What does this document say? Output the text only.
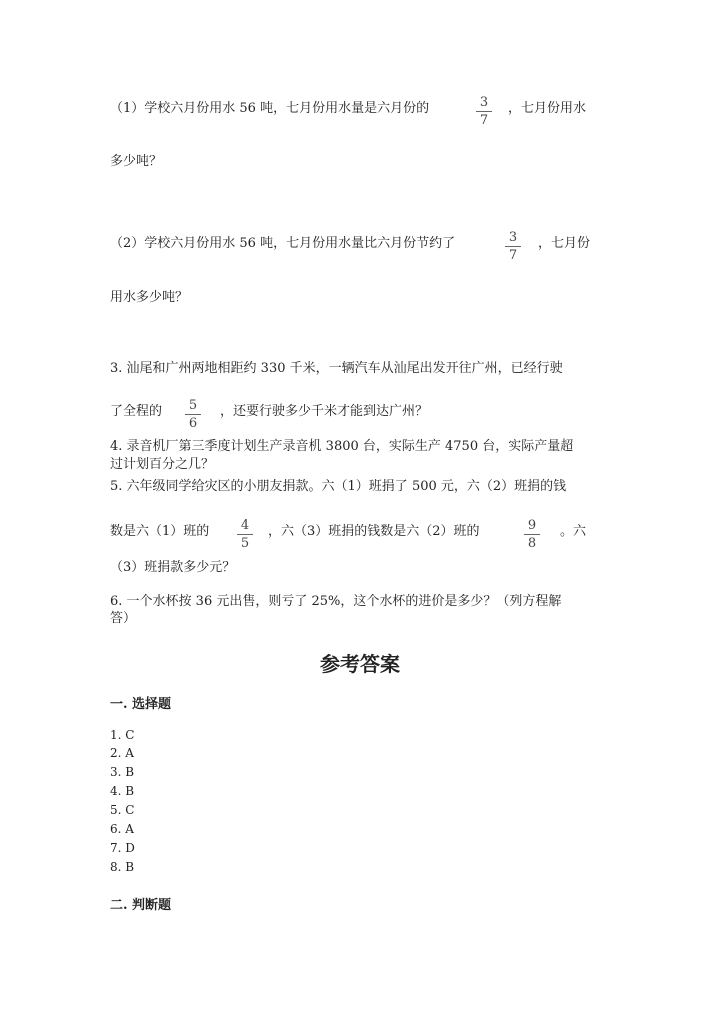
（1）学校六月份用水 56 吨，七月份用水量是六月份的	3
7
，七月份用水
多少吨？
（2）学校六月份用水 56 吨，七月份用水量比六月份节约了	3
7
，七月份
用水多少吨？
3. 汕尾和广州两地相距约 330 千米，一辆汽车从汕尾出发开往广州，已经行驶
了全程的 5
6
，还要行驶多少千米才能到达广州？
4. 录音机厂第三季度计划生产录音机 3800 台，实际生产 4750 台，实际产量超
过计划百分之几？
5. 六年级同学给灾区的小朋友捐款。六（1）班捐了 500 元，六（2）班捐的钱
数是六（1）班的 4
5
，六（3）班捐的钱数是六（2）班的	9
8
。六
（3）班捐款多少元？
6. 一个水杯按 36 元出售，则亏了 25%，这个水杯的进价是多少？（列方程解
答）
参考答案
一. 选择题
1. C
2. A
3. B
4. B
5. C
6. A
7. D
8. B
二. 判断题
